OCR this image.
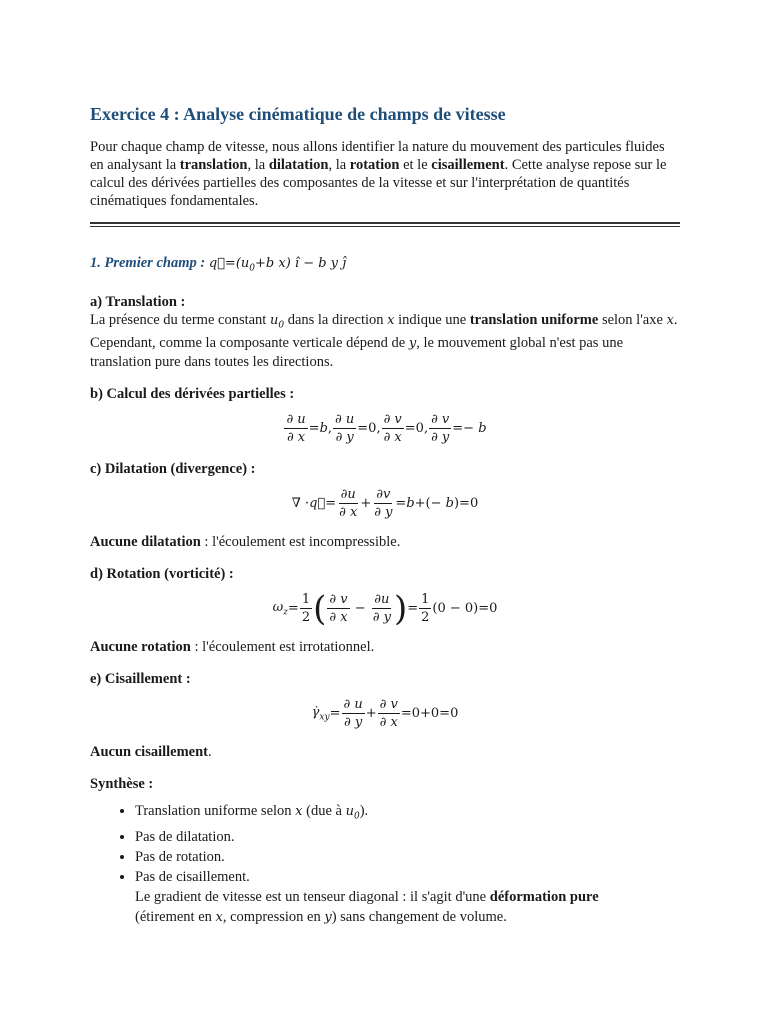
Exercice 4 : Analyse cinématique de champs de vitesse

Pour chaque champ de vitesse, nous allons identifier la nature du mouvement des particules fluides en analysant la translation, la dilatation, la rotation et le cisaillement. Cette analyse repose sur le calcul des dérivées partielles des composantes de la vitesse et sur l'interprétation de quantités cinématiques fondamentales.

1. Premier champ : $q⃗=(u_0+b$ x) î − b y ĵ

a) Translation :

La présence du terme constant $u_0$ dans la direction x indique une translation uniforme selon l'axe x. Cependant, comme la composante verticale dépend de y, le mouvement global n'est pas une translation pure dans toutes les directions.

b) Calcul des dérivées partielles :

$\frac{\partial u}{\partial x} = b$ , $\frac{\partial u}{\partial y} =0$, $\frac{\partial v}{\partial x} =0$, $\frac{\partial v}{\partial y} =- b$

c) Dilatation (divergence) :

∇ · q⃗ = $\frac{\partial u}{\partial x} + \frac{\partial v}{\partial y} = b$ +(− b )=0

Aucune dilatation : l'écoulement est incompressible.

d) Rotation (vorticité) :

$\omega_z = \frac{1}{2}$ ( $\frac{\partial v}{\partial x} - \frac{\partial u}{\partial y}$ ) = $\frac{1}{2} (0 - 0)=0$

Aucune rotation : l'écoulement est irrotationnel.

e) Cisaillement :

$\gammȧ_{xy} = \frac{\partial u}{\partial y} + \frac{\partial v}{\partial x} =0+0=0$

Aucun cisaillement.

Synthèse :

• Translation uniforme selon x (due à $u_0$).
• Pas de dilatation.
• Pas de rotation.
• Pas de cisaillement.
Le gradient de vitesse est un tenseur diagonal : il s'agit d'une déformation pure
(étirement en x, compression en y) sans changement de volume.
